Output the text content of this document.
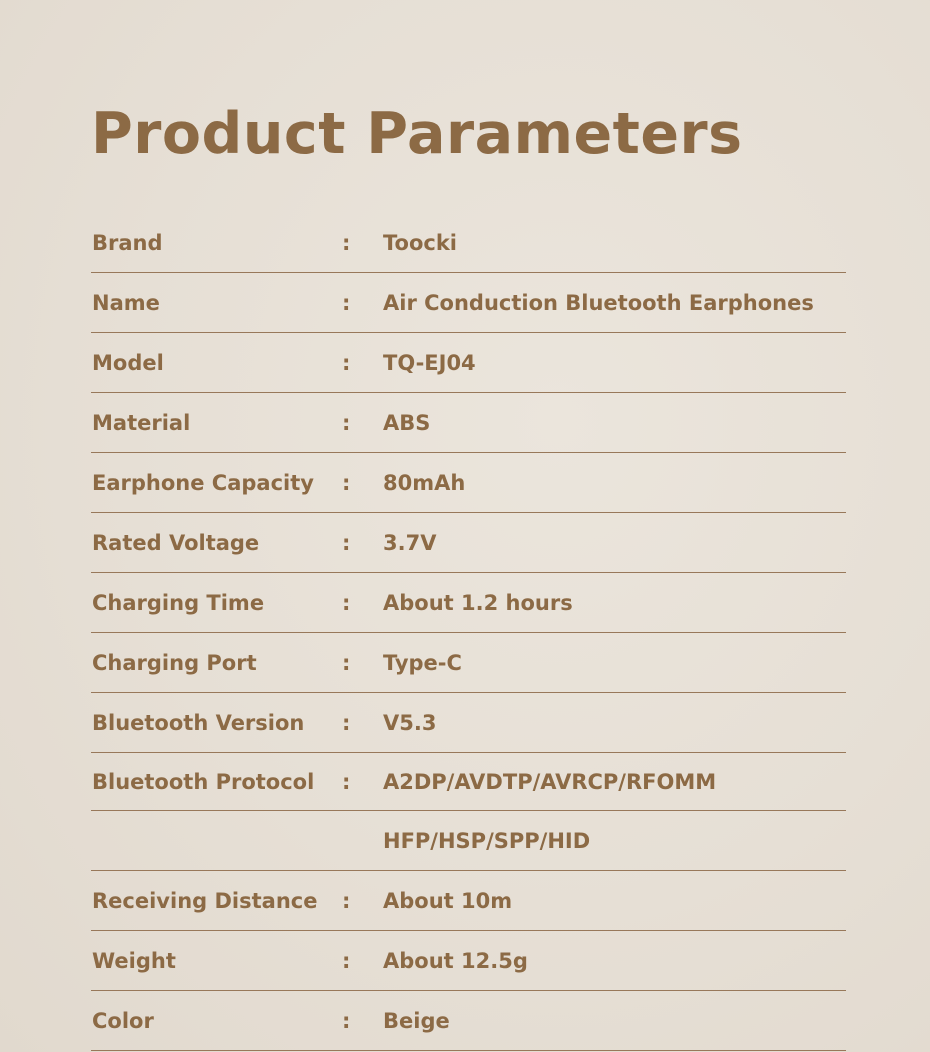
Product Parameters
Brand	: Toocki
Name	: Air Conduction Bluetooth Earphones
Model	: TQ-EJ04
Material	: ABS
Earphone Capacity : 80mAh
Rated Voltage	: 3.7V
Charging Time	: About 1.2 hours
Charging Port	: Type-C
Bluetooth Version : V5.3
Bluetooth Protocol : A2DP/AVDTP/AVRCP/RFOMM
HFP/HSP/SPP/HID
Receiving Distance : About 10m
Weight	: About 12.5g
Color	: Beige
